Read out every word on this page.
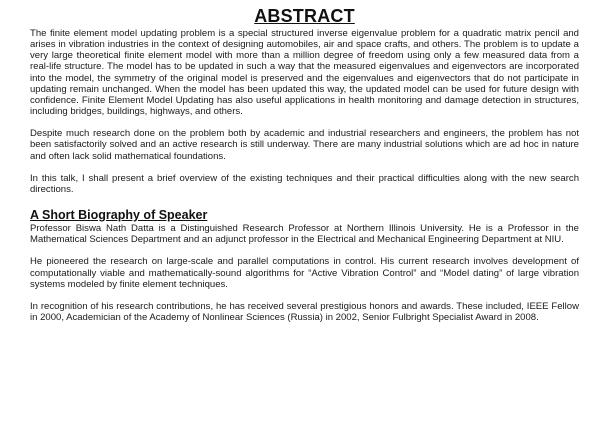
ABSTRACT

The finite element model updating problem is a special structured inverse eigenvalue problem for a quadratic matrix pencil and arises in vibration industries in the context of designing automobiles, air and space crafts, and others. The problem is to update a very large theoretical finite element model with more than a million degree of freedom using only a few measured data from a real-life structure. The model has to be updated in such a way that the measured eigenvalues and eigenvectors are incorporated into the model, the symmetry of the original model is preserved and the eigenvalues and eigenvectors that do not participate in updating remain unchanged. When the model has been updated this way, the updated model can be used for future design with confidence. Finite Element Model Updating has also useful applications in health monitoring and damage detection in structures, including bridges, buildings, highways, and others.

Despite much research done on the problem both by academic and industrial researchers and engineers, the problem has not been satisfactorily solved and an active research is still underway. There are many industrial solutions which are ad hoc in nature and often lack solid mathematical foundations.

In this talk, I shall present a brief overview of the existing techniques and their practical difficulties along with the new search directions.

A Short Biography of Speaker

Professor Biswa Nath Datta is a Distinguished Research Professor at Northern Illinois University. He is a Professor in the Mathematical Sciences Department and an adjunct professor in the Electrical and Mechanical Engineering Department at NIU.

He pioneered the research on large-scale and parallel computations in control. His current research involves development of computationally viable and mathematically-sound algorithms for “Active Vibration Control” and “Model dating” of large vibration systems modeled by finite element techniques.

In recognition of his research contributions, he has received several prestigious honors and awards. These included, IEEE Fellow in 2000, Academician of the Academy of Nonlinear Sciences (Russia) in 2002, Senior Fulbright Specialist Award in 2008.
